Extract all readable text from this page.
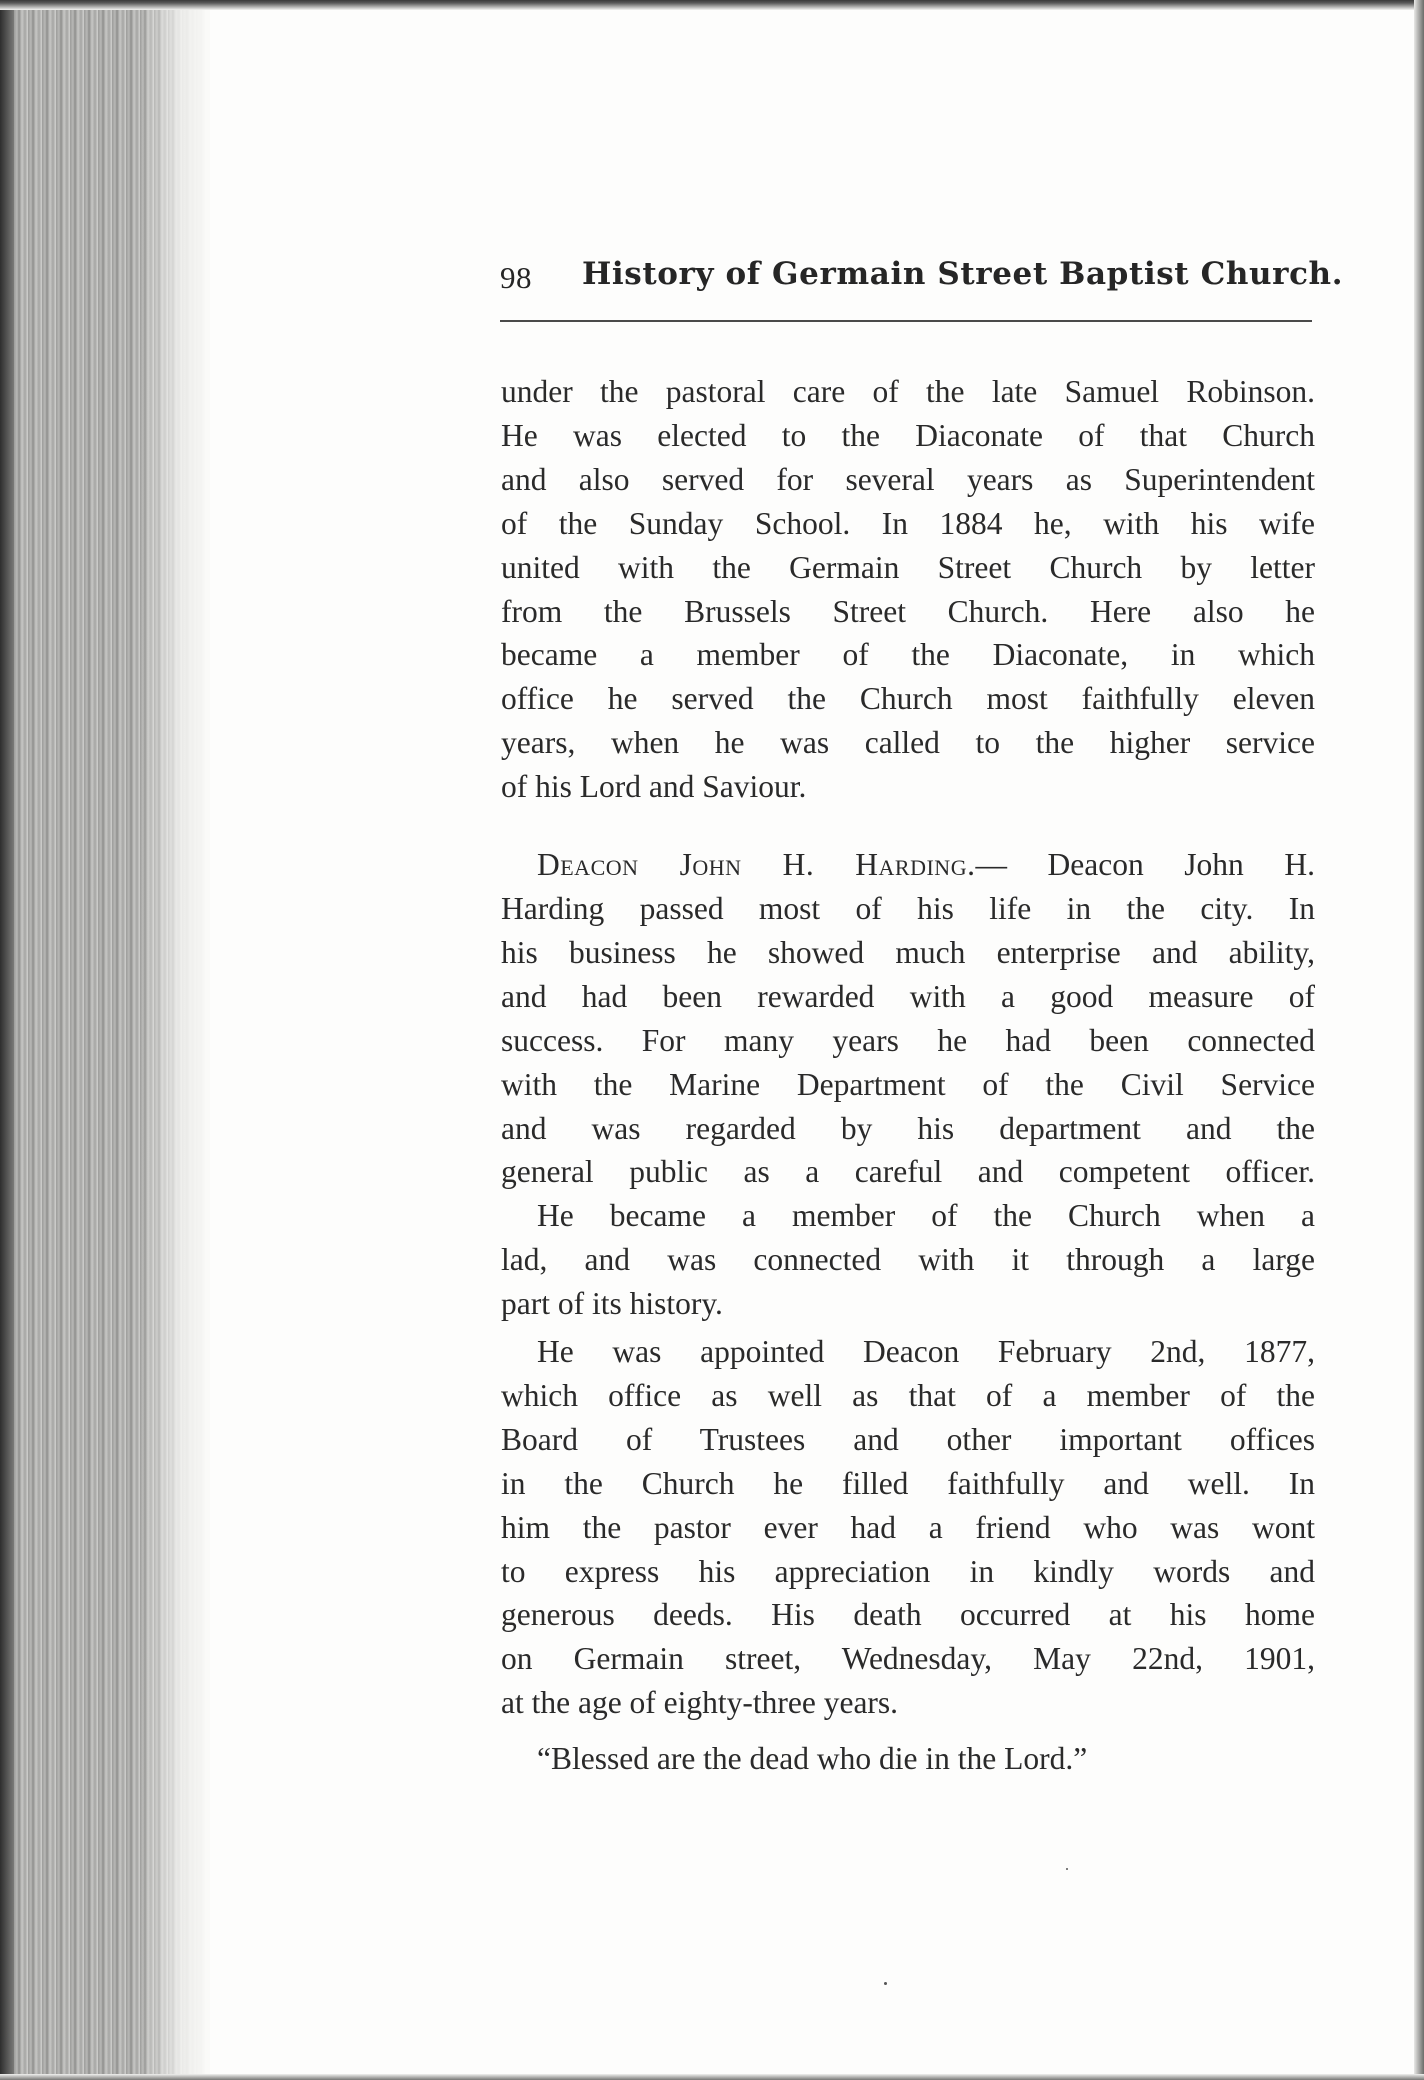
98 History of Germain Street Baptist Church.

under the pastoral care of the late Samuel Robinson.

He was elected to the Diaconate of that Church

and also served for several years as Superintendent

of the Sunday School. In 1884 he, with his wife

united with the Germain Street Church by letter

from the Brussels Street Church. Here also he

became a member of the Diaconate, in which

office he served the Church most faithfully eleven

years, when he was called to the higher service

of his Lord and Saviour.

Deacon John H. Harding.— Deacon John H.

Harding passed most of his life in the city. In

his business he showed much enterprise and ability,

and had been rewarded with a good measure of

success. For many years he had been connected

with the Marine Department of the Civil Service

and was regarded by his department and the

general public as a careful and competent officer.

He became a member of the Church when a

lad, and was connected with it through a large

part of its history.

He was appointed Deacon February 2nd, 1877,

which office as well as that of a member of the

Board of Trustees and other important offices

in the Church he filled faithfully and well. In

him the pastor ever had a friend who was wont

to express his appreciation in kindly words and

generous deeds. His death occurred at his home

on Germain street, Wednesday, May 22nd, 1901,

at the age of eighty-three years.

“Blessed are the dead who die in the Lord.”
